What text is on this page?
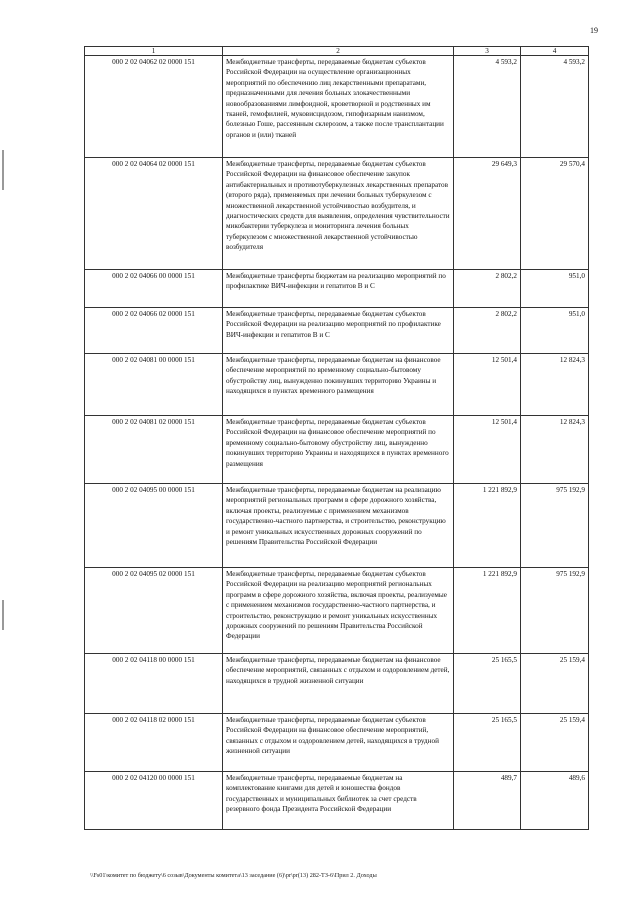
19
1	2	3	4
000 2 02 04062 02 0000 151	Межбюджетные трансферты, передаваемые бюджетам субъектов Российской Федерации на осуществление организационных мероприятий по обеспечению лиц лекарственными препаратами, предназначенными для лечения больных злокачественными новообразованиями лимфоидной, кроветворной и родственных им тканей, гемофилией, муковисцидозом, гипофизарным нанизмом, болезнью Гоше, рассеянным склерозом, а также после трансплантации органов и (или) тканей	4 593,2	4 593,2
000 2 02 04064 02 0000 151	Межбюджетные трансферты, передаваемые бюджетам субъектов Российской Федерации на финансовое обеспечение закупок антибактериальных и противотуберкулезных лекарственных препаратов (второго ряда), применяемых при лечении больных туберкулезом с множественной лекарственной устойчивостью возбудителя, и диагностических средств для выявления, определения чувствительности микобактерии туберкулеза и мониторинга лечения больных туберкулезом с множественной лекарственной устойчивостью возбудителя	29 649,3	29 570,4
000 2 02 04066 00 0000 151	Межбюджетные трансферты бюджетам на реализацию мероприятий по профилактике ВИЧ-инфекции и гепатитов В и С	2 802,2	951,0
000 2 02 04066 02 0000 151	Межбюджетные трансферты, передаваемые бюджетам субъектов Российской Федерации на реализацию мероприятий по профилактике ВИЧ-инфекции и гепатитов В и С	2 802,2	951,0
000 2 02 04081 00 0000 151	Межбюджетные трансферты, передаваемые бюджетам на финансовое обеспечение мероприятий по временному социально-бытовому обустройству лиц, вынужденно покинувших территорию Украины и находящихся в пунктах временного размещения	12 501,4	12 824,3
000 2 02 04081 02 0000 151	Межбюджетные трансферты, передаваемые бюджетам субъектов Российской Федерации на финансовое обеспечение мероприятий по временному социально-бытовому обустройству лиц, вынужденно покинувших территорию Украины и находящихся в пунктах временного размещения	12 501,4	12 824,3
000 2 02 04095 00 0000 151	Межбюджетные трансферты, передаваемые бюджетам на реализацию мероприятий региональных программ в сфере дорожного хозяйства, включая проекты, реализуемые с применением механизмов государственно-частного партнерства, и строительство, реконструкцию и ремонт уникальных искусственных дорожных сооружений по решениям Правительства Российской Федерации	1 221 892,9	975 192,9
000 2 02 04095 02 0000 151	Межбюджетные трансферты, передаваемые бюджетам субъектов Российской Федерации на реализацию мероприятий региональных программ в сфере дорожного хозяйства, включая проекты, реализуемые с применением механизмов государственно-частного партнерства, и строительство, реконструкцию и ремонт уникальных искусственных дорожных сооружений по решениям Правительства Российской Федерации	1 221 892,9	975 192,9
000 2 02 04118 00 0000 151	Межбюджетные трансферты, передаваемые бюджетам на финансовое обеспечение мероприятий, связанных с отдыхом и оздоровлением детей, находящихся в трудной жизненной ситуации	25 165,5	25 159,4
000 2 02 04118 02 0000 151	Межбюджетные трансферты, передаваемые бюджетам субъектов Российской Федерации на финансовое обеспечение мероприятий, связанных с отдыхом и оздоровлением детей, находящихся в трудной жизненной ситуации	25 165,5	25 159,4
000 2 02 04120 00 0000 151	Межбюджетные трансферты, передаваемые бюджетам на комплектование книгами для детей и юношества фондов государственных и муниципальных библиотек за счет средств резервного фонда Президента Российской Федерации	489,7	489,6
\\Fs01\комитет по бюджету\6 созыв\Документы комитета\13 заседание (6)\pr\pr(13) 282-ТЗ-6\Прил 2. Доходы
